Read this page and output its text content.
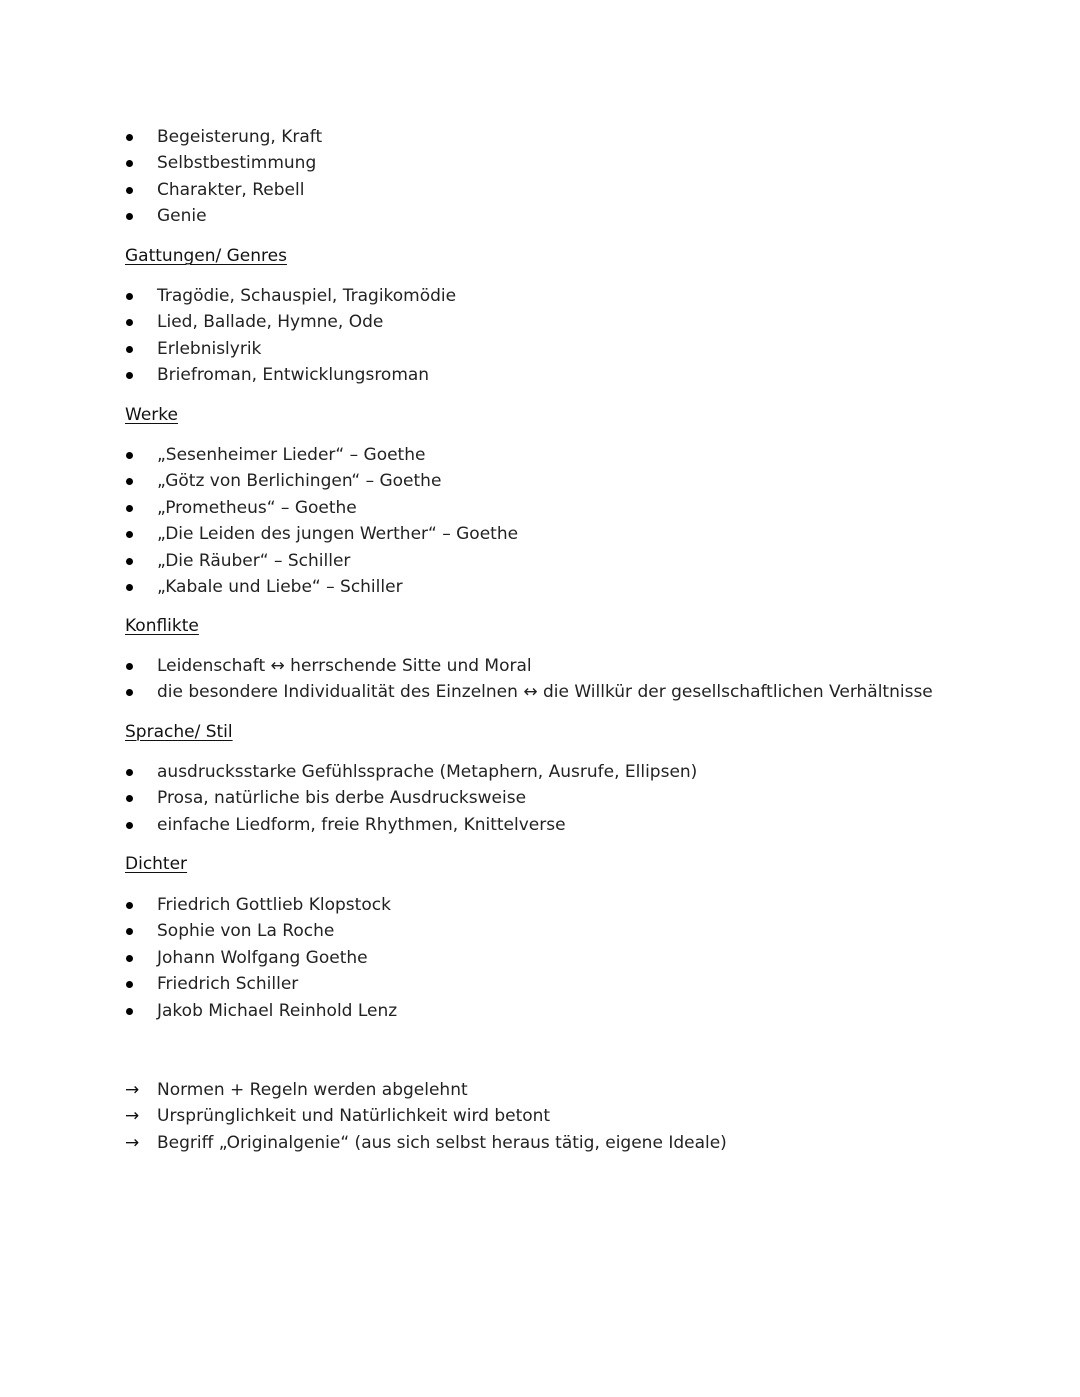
Begeisterung, Kraft
Selbstbestimmung
Charakter, Rebell
Genie
Gattungen/ Genres
Tragödie, Schauspiel, Tragikomödie
Lied, Ballade, Hymne, Ode
Erlebnislyrik
Briefroman, Entwicklungsroman
Werke
„Sesenheimer Lieder“ – Goethe
„Götz von Berlichingen“ – Goethe
„Prometheus“ – Goethe
„Die Leiden des jungen Werther“ – Goethe
„Die Räuber“ – Schiller
„Kabale und Liebe“ – Schiller
Konflikte
Leidenschaft ↔ herrschende Sitte und Moral
die besondere Individualität des Einzelnen ↔ die Willkür der gesellschaftlichen Verhältnisse
Sprache/ Stil
ausdrucksstarke Gefühlssprache (Metaphern, Ausrufe, Ellipsen)
Prosa, natürliche bis derbe Ausdrucksweise
einfache Liedform, freie Rhythmen, Knittelverse
Dichter
Friedrich Gottlieb Klopstock
Sophie von La Roche
Johann Wolfgang Goethe
Friedrich Schiller
Jakob Michael Reinhold Lenz
→ Normen + Regeln werden abgelehnt
→ Ursprünglichkeit und Natürlichkeit wird betont
→ Begriff „Originalgenie“ (aus sich selbst heraus tätig, eigene Ideale)
